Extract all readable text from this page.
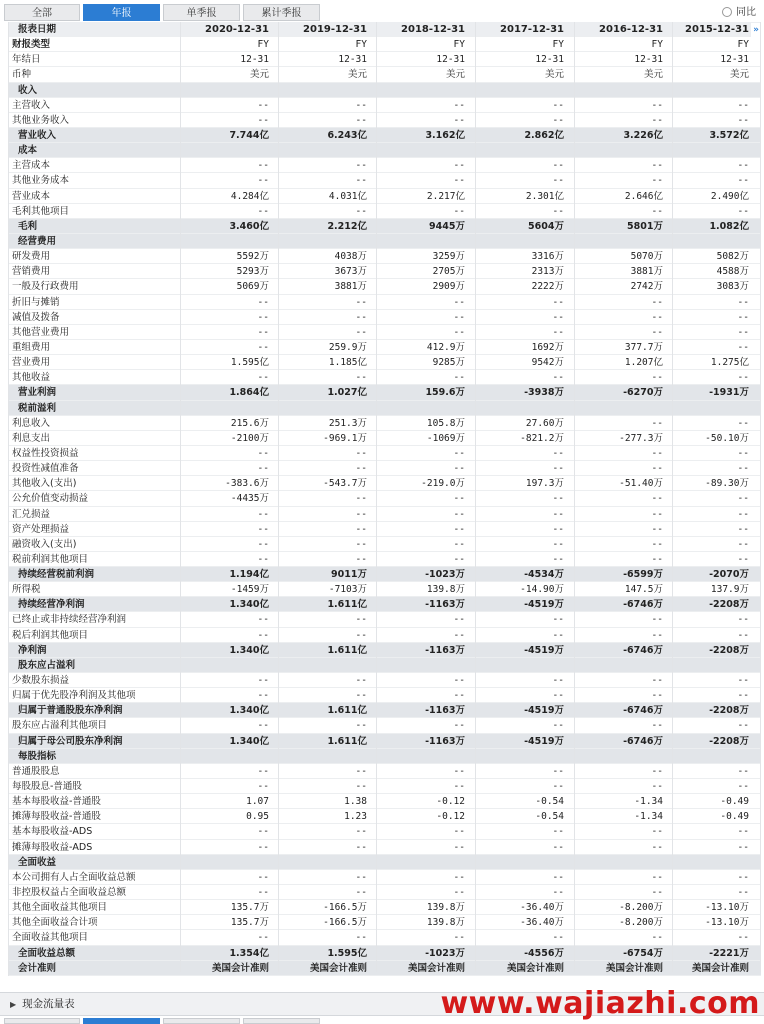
全部	年报	单季报	累计季报	同比
报表日期	2020-12-31	2019-12-31	2018-12-31	2017-12-31	2016-12-31	2015-12-31 »
财报类型	FY	FY	FY	FY	FY	FY
年结日	12-31	12-31	12-31	12-31	12-31	12-31
币种	美元	美元	美元	美元	美元	美元
收入
主营收入	--	--	--	--	--	--
其他业务收入	--	--	--	--	--	--
营业收入	7.744亿	6.243亿	3.162亿	2.862亿	3.226亿	3.572亿
成本
主营成本	--	--	--	--	--	--
其他业务成本	--	--	--	--	--	--
营业成本	4.284亿	4.031亿	2.217亿	2.301亿	2.646亿	2.490亿
毛利其他项目	--	--	--	--	--	--
毛利	3.460亿	2.212亿	9445万	5604万	5801万	1.082亿
经营费用
研发费用	5592万	4038万	3259万	3316万	5070万	5082万
营销费用	5293万	3673万	2705万	2313万	3881万	4588万
一般及行政费用	5069万	3881万	2909万	2222万	2742万	3083万
折旧与摊销	--	--	--	--	--	--
减值及拨备	--	--	--	--	--	--
其他营业费用	--	--	--	--	--	--
重组费用	--	259.9万	412.9万	1692万	377.7万	--
营业费用	1.595亿	1.185亿	9285万	9542万	1.207亿	1.275亿
其他收益	--	--	--	--	--	--
营业利润	1.864亿	1.027亿	159.6万	-3938万	-6270万	-1931万
税前溢利
利息收入	215.6万	251.3万	105.8万	27.60万	--	--
利息支出	-2100万	-969.1万	-1069万	-821.2万	-277.3万	-50.10万
权益性投资损益	--	--	--	--	--	--
投资性减值准备	--	--	--	--	--	--
其他收入(支出)	-383.6万	-543.7万	-219.0万	197.3万	-51.40万	-89.30万
公允价值变动损益	-4435万	--	--	--	--	--
汇兑损益	--	--	--	--	--	--
资产处理损益	--	--	--	--	--	--
融资收入(支出)	--	--	--	--	--	--
税前利润其他项目	--	--	--	--	--	--
持续经营税前利润	1.194亿	9011万	-1023万	-4534万	-6599万	-2070万
所得税	-1459万	-7103万	139.8万	-14.90万	147.5万	137.9万
持续经营净利润	1.340亿	1.611亿	-1163万	-4519万	-6746万	-2208万
已终止或非持续经营净利润	--	--	--	--	--	--
税后利润其他项目	--	--	--	--	--	--
净利润	1.340亿	1.611亿	-1163万	-4519万	-6746万	-2208万
股东应占溢利
少数股东损益	--	--	--	--	--	--
归属于优先股净利润及其他项	--	--	--	--	--	--
归属于普通股股东净利润	1.340亿	1.611亿	-1163万	-4519万	-6746万	-2208万
股东应占溢利其他项目	--	--	--	--	--	--
归属于母公司股东净利润	1.340亿	1.611亿	-1163万	-4519万	-6746万	-2208万
每股指标
普通股股息	--	--	--	--	--	--
每股股息-普通股	--	--	--	--	--	--
基本每股收益-普通股	1.07	1.38	-0.12	-0.54	-1.34	-0.49
摊薄每股收益-普通股	0.95	1.23	-0.12	-0.54	-1.34	-0.49
基本每股收益-ADS	--	--	--	--	--	--
摊薄每股收益-ADS	--	--	--	--	--	--
全面收益
本公司拥有人占全面收益总额	--	--	--	--	--	--
非控股权益占全面收益总额	--	--	--	--	--	--
其他全面收益其他项目	135.7万	-166.5万	139.8万	-36.40万	-8.200万	-13.10万
其他全面收益合计项	135.7万	-166.5万	139.8万	-36.40万	-8.200万	-13.10万
全面收益其他项目	--	--	--	--	--	--
全面收益总额	1.354亿	1.595亿	-1023万	-4556万	-6754万	-2221万
会计准则	美国会计准则	美国会计准则	美国会计准则	美国会计准则	美国会计准则	美国会计准则
▶ 现金流量表	www.wajiazhi.com
